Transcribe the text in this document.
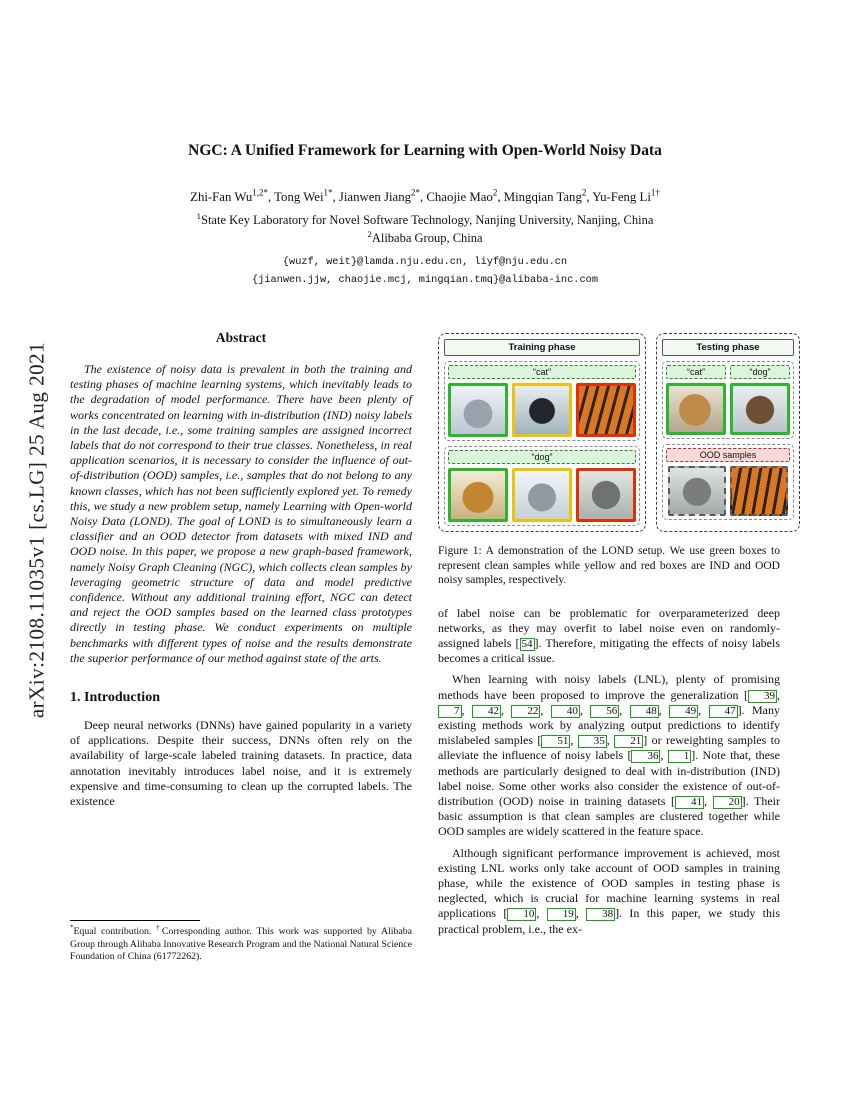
arXiv:2108.11035v1 [cs.LG] 25 Aug 2021
NGC: A Unified Framework for Learning with Open-World Noisy Data

Zhi-Fan $Wu^{1,2*}$, Tong Wei$^{1*}$, Jianwen Jiang$^{2*}$, Chaojie Mao$^2$, Mingqian Tang$^2$, Yu-Feng $Li^{1\dagger}$

$^1$State Key Laboratory for Novel Software Technology, Nanjing University, Nanjing, China

$^2$Alibaba Group, China

{wuzf, weit}@lamda.nju.edu.cn, liyf@nju.edu.cn

{jianwen.jjw, chaojie.mcj, mingqian.tmq}@alibaba-inc.com

Abstract

The existence of noisy data is prevalent in both the training and testing phases of machine learning systems, which inevitably leads to the degradation of model performance. There have been plenty of works concentrated on learning with in-distribution (IND) noisy labels in the last decade, i.e., some training samples are assigned incorrect labels that do not correspond to their true classes. Nonetheless, in real application scenarios, it is necessary to consider the influence of out-of-distribution (OOD) samples, i.e., samples that do not belong to any known classes, which has not been sufficiently explored yet. To remedy this, we study a new problem setup, namely Learning with Open-world Noisy Data (LOND). The goal of LOND is to simultaneously learn a classifier and an OOD detector from datasets with mixed IND and OOD noise. In this paper, we propose a new graph-based framework, namely Noisy Graph Cleaning (NGC), which collects clean samples by leveraging geometric structure of data and model predictive confidence. Without any additional training effort, NGC can detect and reject the OOD samples based on the learned class prototypes directly in testing phase. We conduct experiments on multiple benchmarks with different types of noise and the results demonstrate the superior performance of our method against state of the arts.

1. Introduction

Deep neural networks (DNNs) have gained popularity in a variety of applications. Despite their success, DNNs often rely on the availability of large-scale labeled training datasets. In practice, data annotation inevitably introduces label noise, and it is extremely expensive and time-consuming to clean up the corrupted labels. The existence

*Equal contribution. †Corresponding author. This work was supported by Alibaba Group through Alibaba Innovative Research Program and the National Natural Science Foundation of China (61772262).
Training phase
“cat”
“dog”
Testing phase
“cat”	“dog”
OOD samples

Figure 1: A demonstration of the LOND setup. We use green boxes to represent clean samples while yellow and red boxes are IND and OOD noisy samples, respectively.

of label noise can be problematic for overparameterized deep networks, as they may overfit to label noise even on randomly-assigned labels [ 54 ]. Therefore, mitigating the effects of noisy labels becomes a critical issue.

When learning with noisy labels (LNL), plenty of promising methods have been proposed to improve the generalization [ 39 , 7 , 42 , 22 , 40 , 56 , 48 , 49 , 47 ]. Many existing methods work by analyzing output predictions to identify mislabeled samples [ 51 , 35 , 21 ] or reweighting samples to alleviate the influence of noisy labels [ 36 , 1 ]. Note that, these methods are particularly designed to deal with in-distribution (IND) label noise. Some other works also consider the existence of out-of-distribution (OOD) noise in training datasets [ 41 , 20 ]. Their basic assumption is that clean samples are clustered together while OOD samples are widely scattered in the feature space.

Although significant performance improvement is achieved, most existing LNL works only take account of OOD samples in training phase, while the existence of OOD samples in testing phase is neglected, which is crucial for machine learning systems in real applications [ 10 , 19 , 38 ]. In this paper, we study this practical problem, i.e., the ex-
